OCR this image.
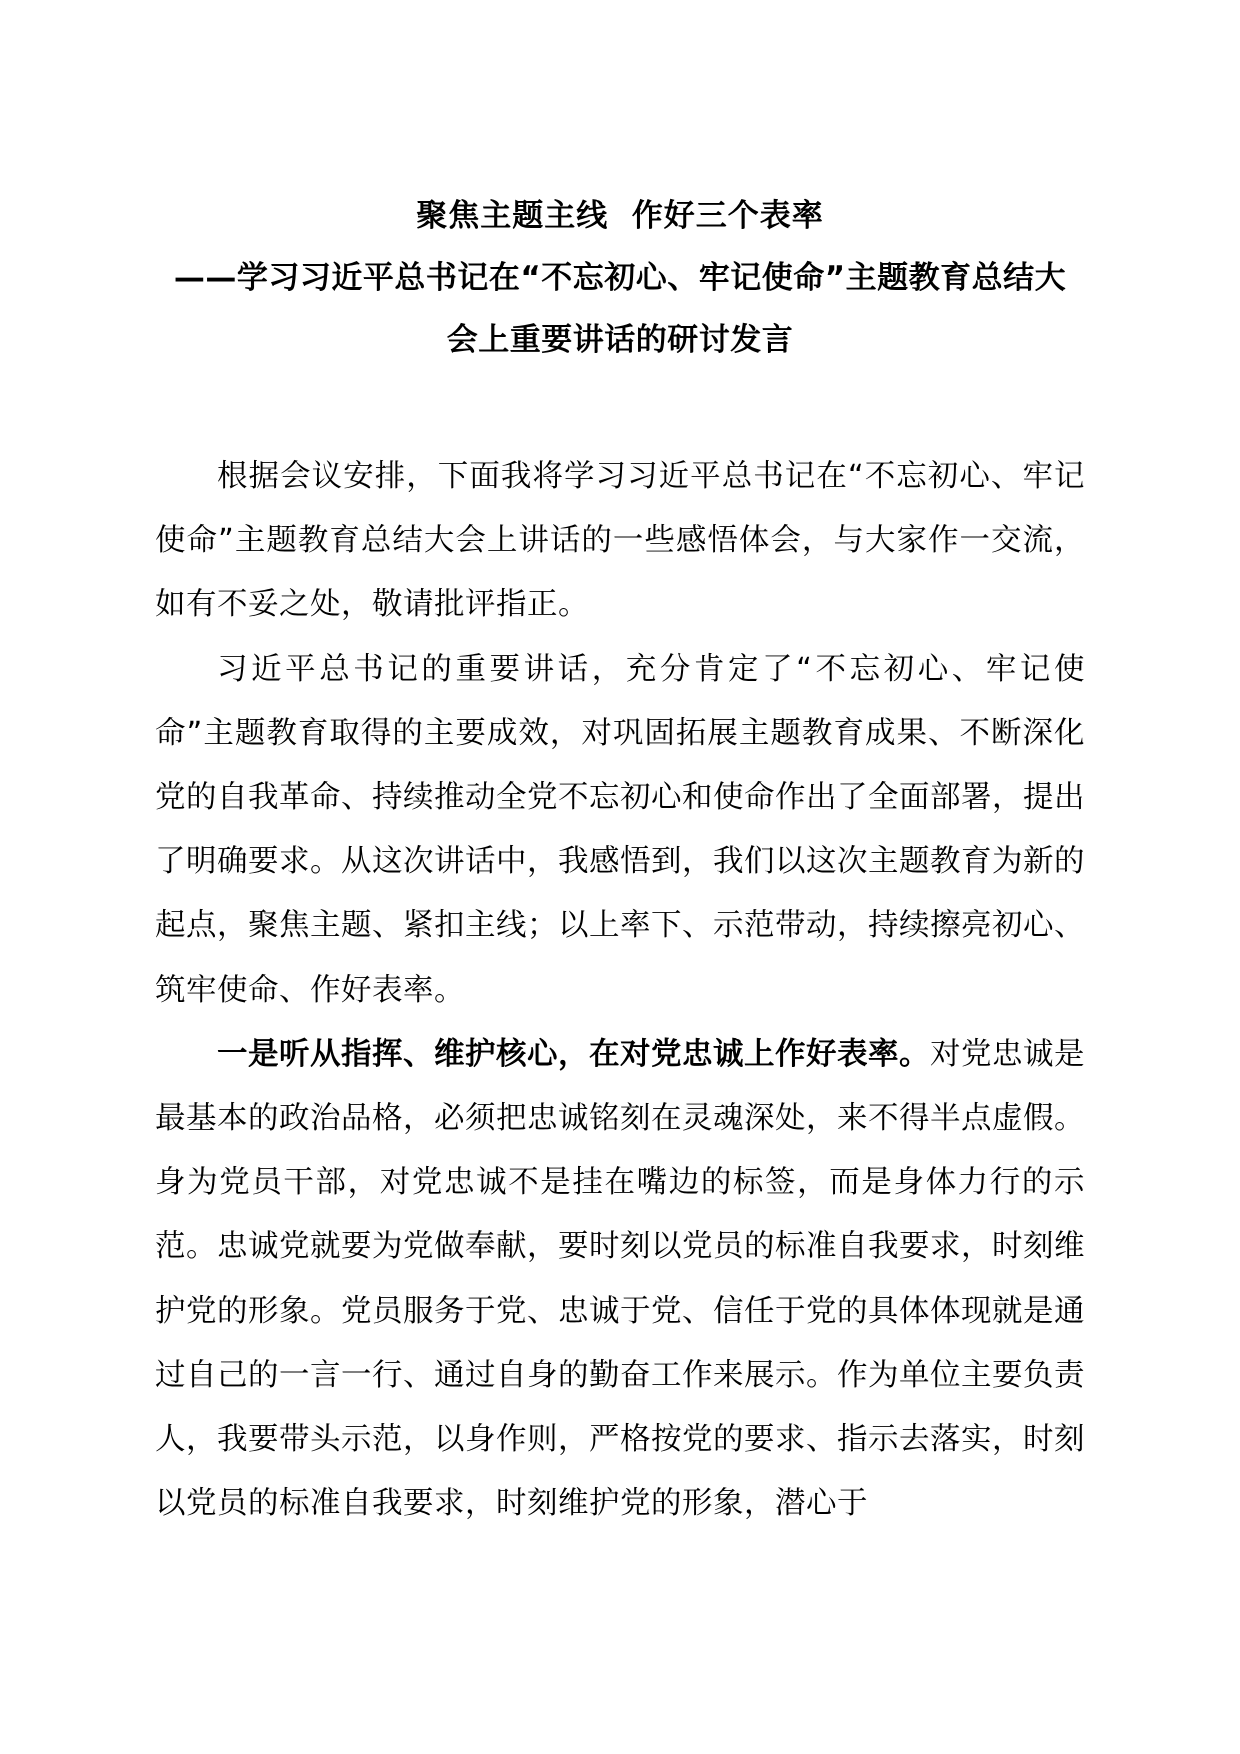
聚焦主题主线  作好三个表率
——学习习近平总书记在“不忘初心、牢记使命”主题教育总结大
会上重要讲话的研讨发言

根据会议安排，下面我将学习习近平总书记在“不忘初心、牢记使命”主题教育总结大会上讲话的一些感悟体会，与大家作一交流，如有不妥之处，敬请批评指正。

习近平总书记的重要讲话，充分肯定了“不忘初心、牢记使命”主题教育取得的主要成效，对巩固拓展主题教育成果、不断深化党的自我革命、持续推动全党不忘初心和使命作出了全面部署，提出了明确要求。从这次讲话中，我感悟到，我们以这次主题教育为新的起点，聚焦主题、紧扣主线；以上率下、示范带动，持续擦亮初心、筑牢使命、作好表率。

一是听从指挥、维护核心，在对党忠诚上作好表率。对党忠诚是最基本的政治品格，必须把忠诚铭刻在灵魂深处，来不得半点虚假。身为党员干部，对党忠诚不是挂在嘴边的标签，而是身体力行的示范。忠诚党就要为党做奉献，要时刻以党员的标准自我要求，时刻维护党的形象。党员服务于党、忠诚于党、信任于党的具体体现就是通过自己的一言一行、通过自身的勤奋工作来展示。作为单位主要负责人，我要带头示范，以身作则，严格按党的要求、指示去落实，时刻以党员的标准自我要求，时刻维护党的形象，潜心于
